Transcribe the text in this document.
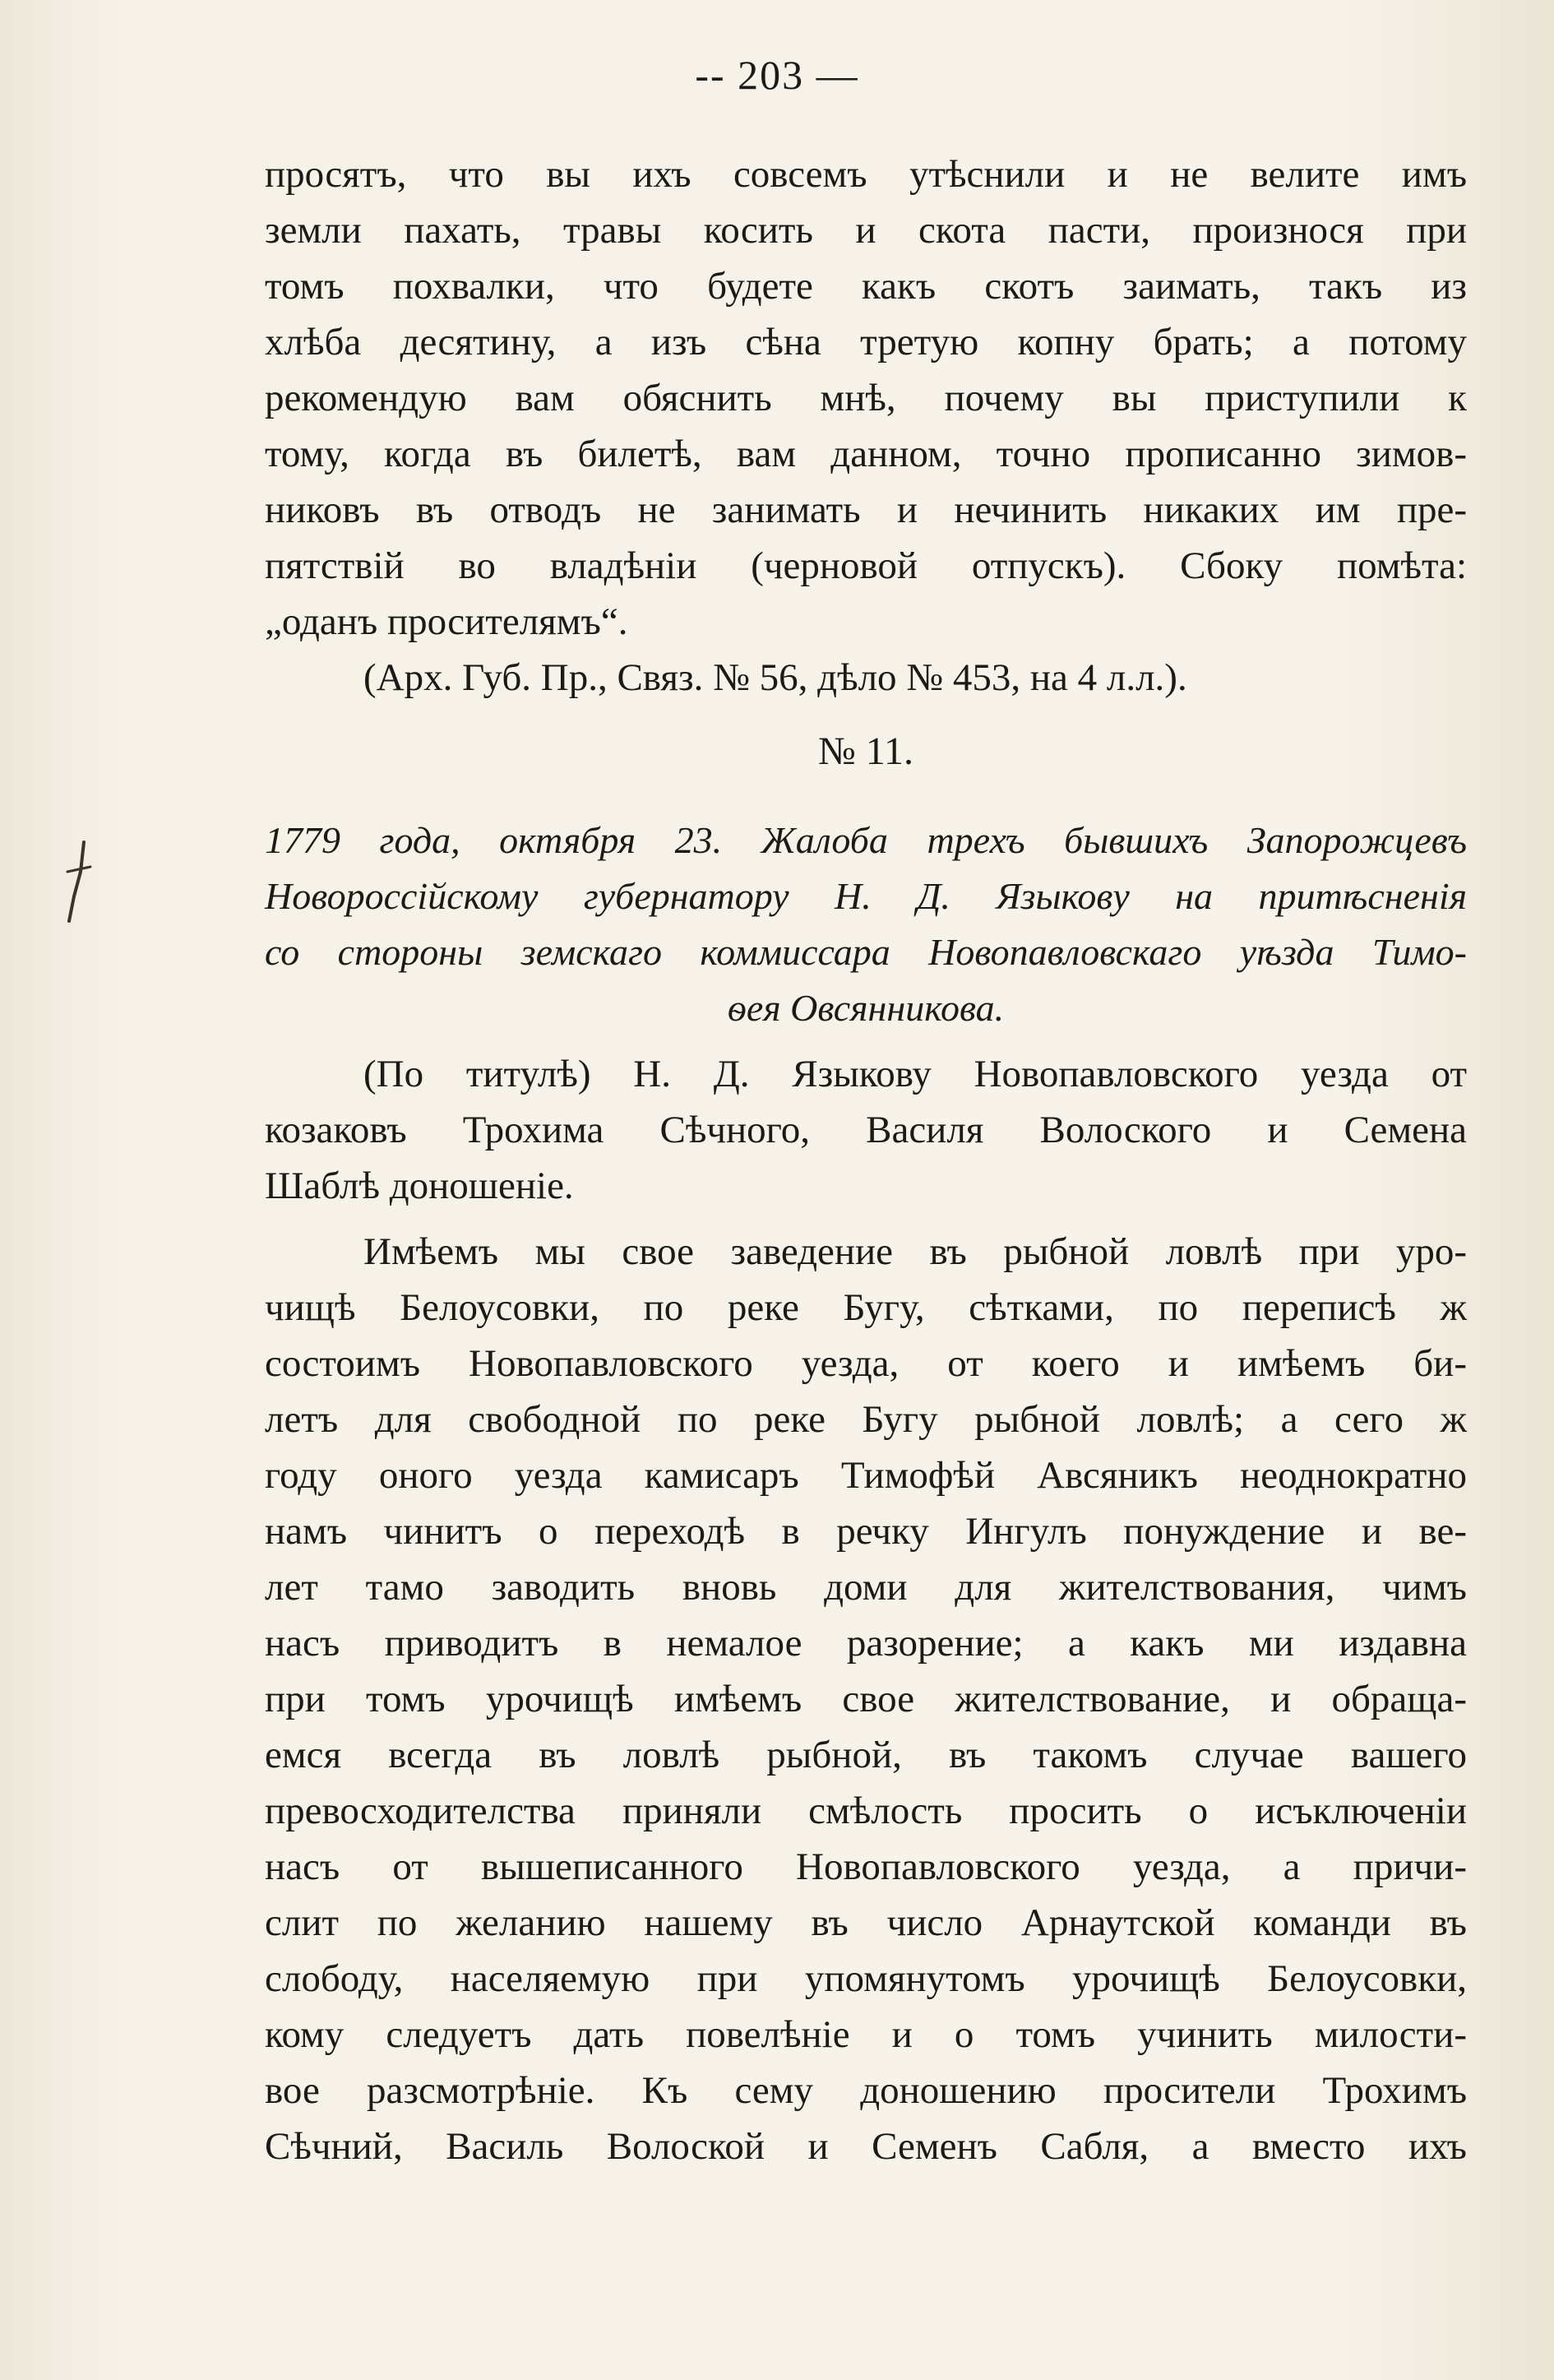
-- 203 —
просятъ, что вы ихъ совсемъ утѣснили и не велите имъ
земли пахать, травы косить и скота пасти, произнося при
томъ похвалки, что будете какъ скотъ заимать, такъ из
хлѣба десятину, а изъ сѣна третую копну брать; а потому
рекомендую вам обяснить мнѣ, почему вы приступили к
тому, когда въ билетѣ, вам данном, точно прописанно зимов-
никовъ въ отводъ не занимать и нечинить никаких им пре-
пятствій во владѣніи (черновой отпускъ). Сбоку помѣта:
„оданъ просителямъ“.
(Арх. Губ. Пр., Связ. № 56, дѣло № 453, на 4 л.л.).
№ 11.
1779 года, октября 23. Жалоба трехъ бывшихъ Запорожцевъ
Новороссійскому губернатору Н. Д. Языкову на притѣсненія
со стороны земскаго коммиссара Новопавловскаго уѣзда Тимо-
ѳея Овсянникова.
(По титулѣ) Н. Д. Языкову Новопавловского уезда от
козаковъ Трохима Сѣчного, Василя Волоского и Семена
Шаблѣ доношеніе.
Имѣемъ мы свое заведение въ рыбной ловлѣ при уро-
чищѣ Белоусовки, по реке Бугу, сѣтками, по переписѣ ж
состоимъ Новопавловского уезда, от коего и имѣемъ би-
летъ для свободной по реке Бугу рыбной ловлѣ; а сего ж
году оного уезда камисаръ Тимофѣй Авсяникъ неоднократно
намъ чинитъ о переходѣ в речку Ингулъ понуждение и ве-
лет тамо заводить вновь доми для жителствования, чимъ
насъ приводитъ в немалое разорение; а какъ ми издавна
при томъ урочищѣ имѣемъ свое жителствование, и обраща-
емся всегда въ ловлѣ рыбной, въ такомъ случае вашего
превосходителства приняли смѣлость просить о исъключеніи
насъ от вышеписанного Новопавловского уезда, а причи-
слит по желанию нашему въ число Арнаутской команди въ
слободу, населяемую при упомянутомъ урочищѣ Белоусовки,
кому следуетъ дать повелѣніе и о томъ учинить милости-
вое разсмотрѣніе. Къ сему доношению просители Трохимъ
Сѣчний, Василь Волоской и Семенъ Сабля, а вместо ихъ
